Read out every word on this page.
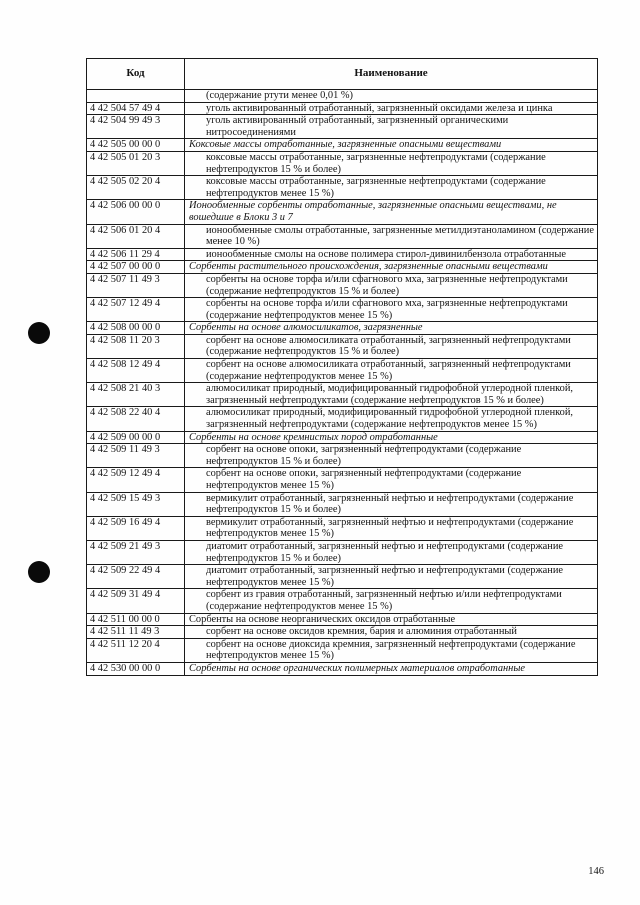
Код	Наименование
	(содержание ртути менее 0,01 %)
4 42 504 57 49 4	уголь активированный отработанный, загрязненный оксидами железа и цинка
4 42 504 99 49 3	уголь активированный отработанный, загрязненный органическими нитросоединениями
4 42 505 00 00 0	Коксовые массы отработанные, загрязненные опасными веществами
4 42 505 01 20 3	коксовые массы отработанные, загрязненные нефтепродуктами (содержание нефтепродуктов 15 % и более)
4 42 505 02 20 4	коксовые массы отработанные, загрязненные нефтепродуктами (содержание нефтепродуктов менее 15 %)
4 42 506 00 00 0	Ионообменные сорбенты отработанные, загрязненные опасными веществами, не вошедшие в Блоки 3 и 7
4 42 506 01 20 4	ионообменные смолы отработанные, загрязненные метилдиэтаноламином (содержание менее 10 %)
4 42 506 11 29 4	ионообменные смолы на основе полимера стирол-дивинилбензола отработанные
4 42 507 00 00 0	Сорбенты растительного происхождения, загрязненные опасными веществами
4 42 507 11 49 3	сорбенты на основе торфа и/или сфагнового мха, загрязненные нефтепродуктами (содержание нефтепродуктов 15 % и более)
4 42 507 12 49 4	сорбенты на основе торфа и/или сфагнового мха, загрязненные нефтепродуктами (содержание нефтепродуктов менее 15 %)
4 42 508 00 00 0	Сорбенты на основе алюмосиликатов, загрязненные
4 42 508 11 20 3	сорбент на основе алюмосиликата отработанный, загрязненный нефтепродуктами (содержание нефтепродуктов 15 % и более)
4 42 508 12 49 4	сорбент на основе алюмосиликата отработанный, загрязненный нефтепродуктами (содержание нефтепродуктов менее 15 %)
4 42 508 21 40 3	алюмосиликат природный, модифицированный гидрофобной углеродной пленкой, загрязненный нефтепродуктами (содержание нефтепродуктов 15 % и более)
4 42 508 22 40 4	алюмосиликат природный, модифицированный гидрофобной углеродной пленкой, загрязненный нефтепродуктами (содержание нефтепродуктов менее 15 %)
4 42 509 00 00 0	Сорбенты на основе кремнистых пород отработанные
4 42 509 11 49 3	сорбент на основе опоки, загрязненный нефтепродуктами (содержание нефтепродуктов 15 % и более)
4 42 509 12 49 4	сорбент на основе опоки, загрязненный нефтепродуктами (содержание нефтепродуктов менее 15 %)
4 42 509 15 49 3	вермикулит отработанный, загрязненный нефтью и нефтепродуктами (содержание нефтепродуктов 15 % и более)
4 42 509 16 49 4	вермикулит отработанный, загрязненный нефтью и нефтепродуктами (содержание нефтепродуктов менее 15 %)
4 42 509 21 49 3	диатомит отработанный, загрязненный нефтью и нефтепродуктами (содержание нефтепродуктов 15 % и более)
4 42 509 22 49 4	диатомит отработанный, загрязненный нефтью и нефтепродуктами (содержание нефтепродуктов менее 15 %)
4 42 509 31 49 4	сорбент из гравия отработанный, загрязненный нефтью и/или нефтепродуктами (содержание нефтепродуктов менее 15 %)
4 42 511 00 00 0	Сорбенты на основе неорганических оксидов отработанные
4 42 511 11 49 3	сорбент на основе оксидов кремния, бария и алюминия отработанный
4 42 511 12 20 4	сорбент на основе диоксида кремния, загрязненный нефтепродуктами (содержание нефтепродуктов менее 15 %)
4 42 530 00 00 0	Сорбенты на основе органических полимерных материалов отработанные
146
